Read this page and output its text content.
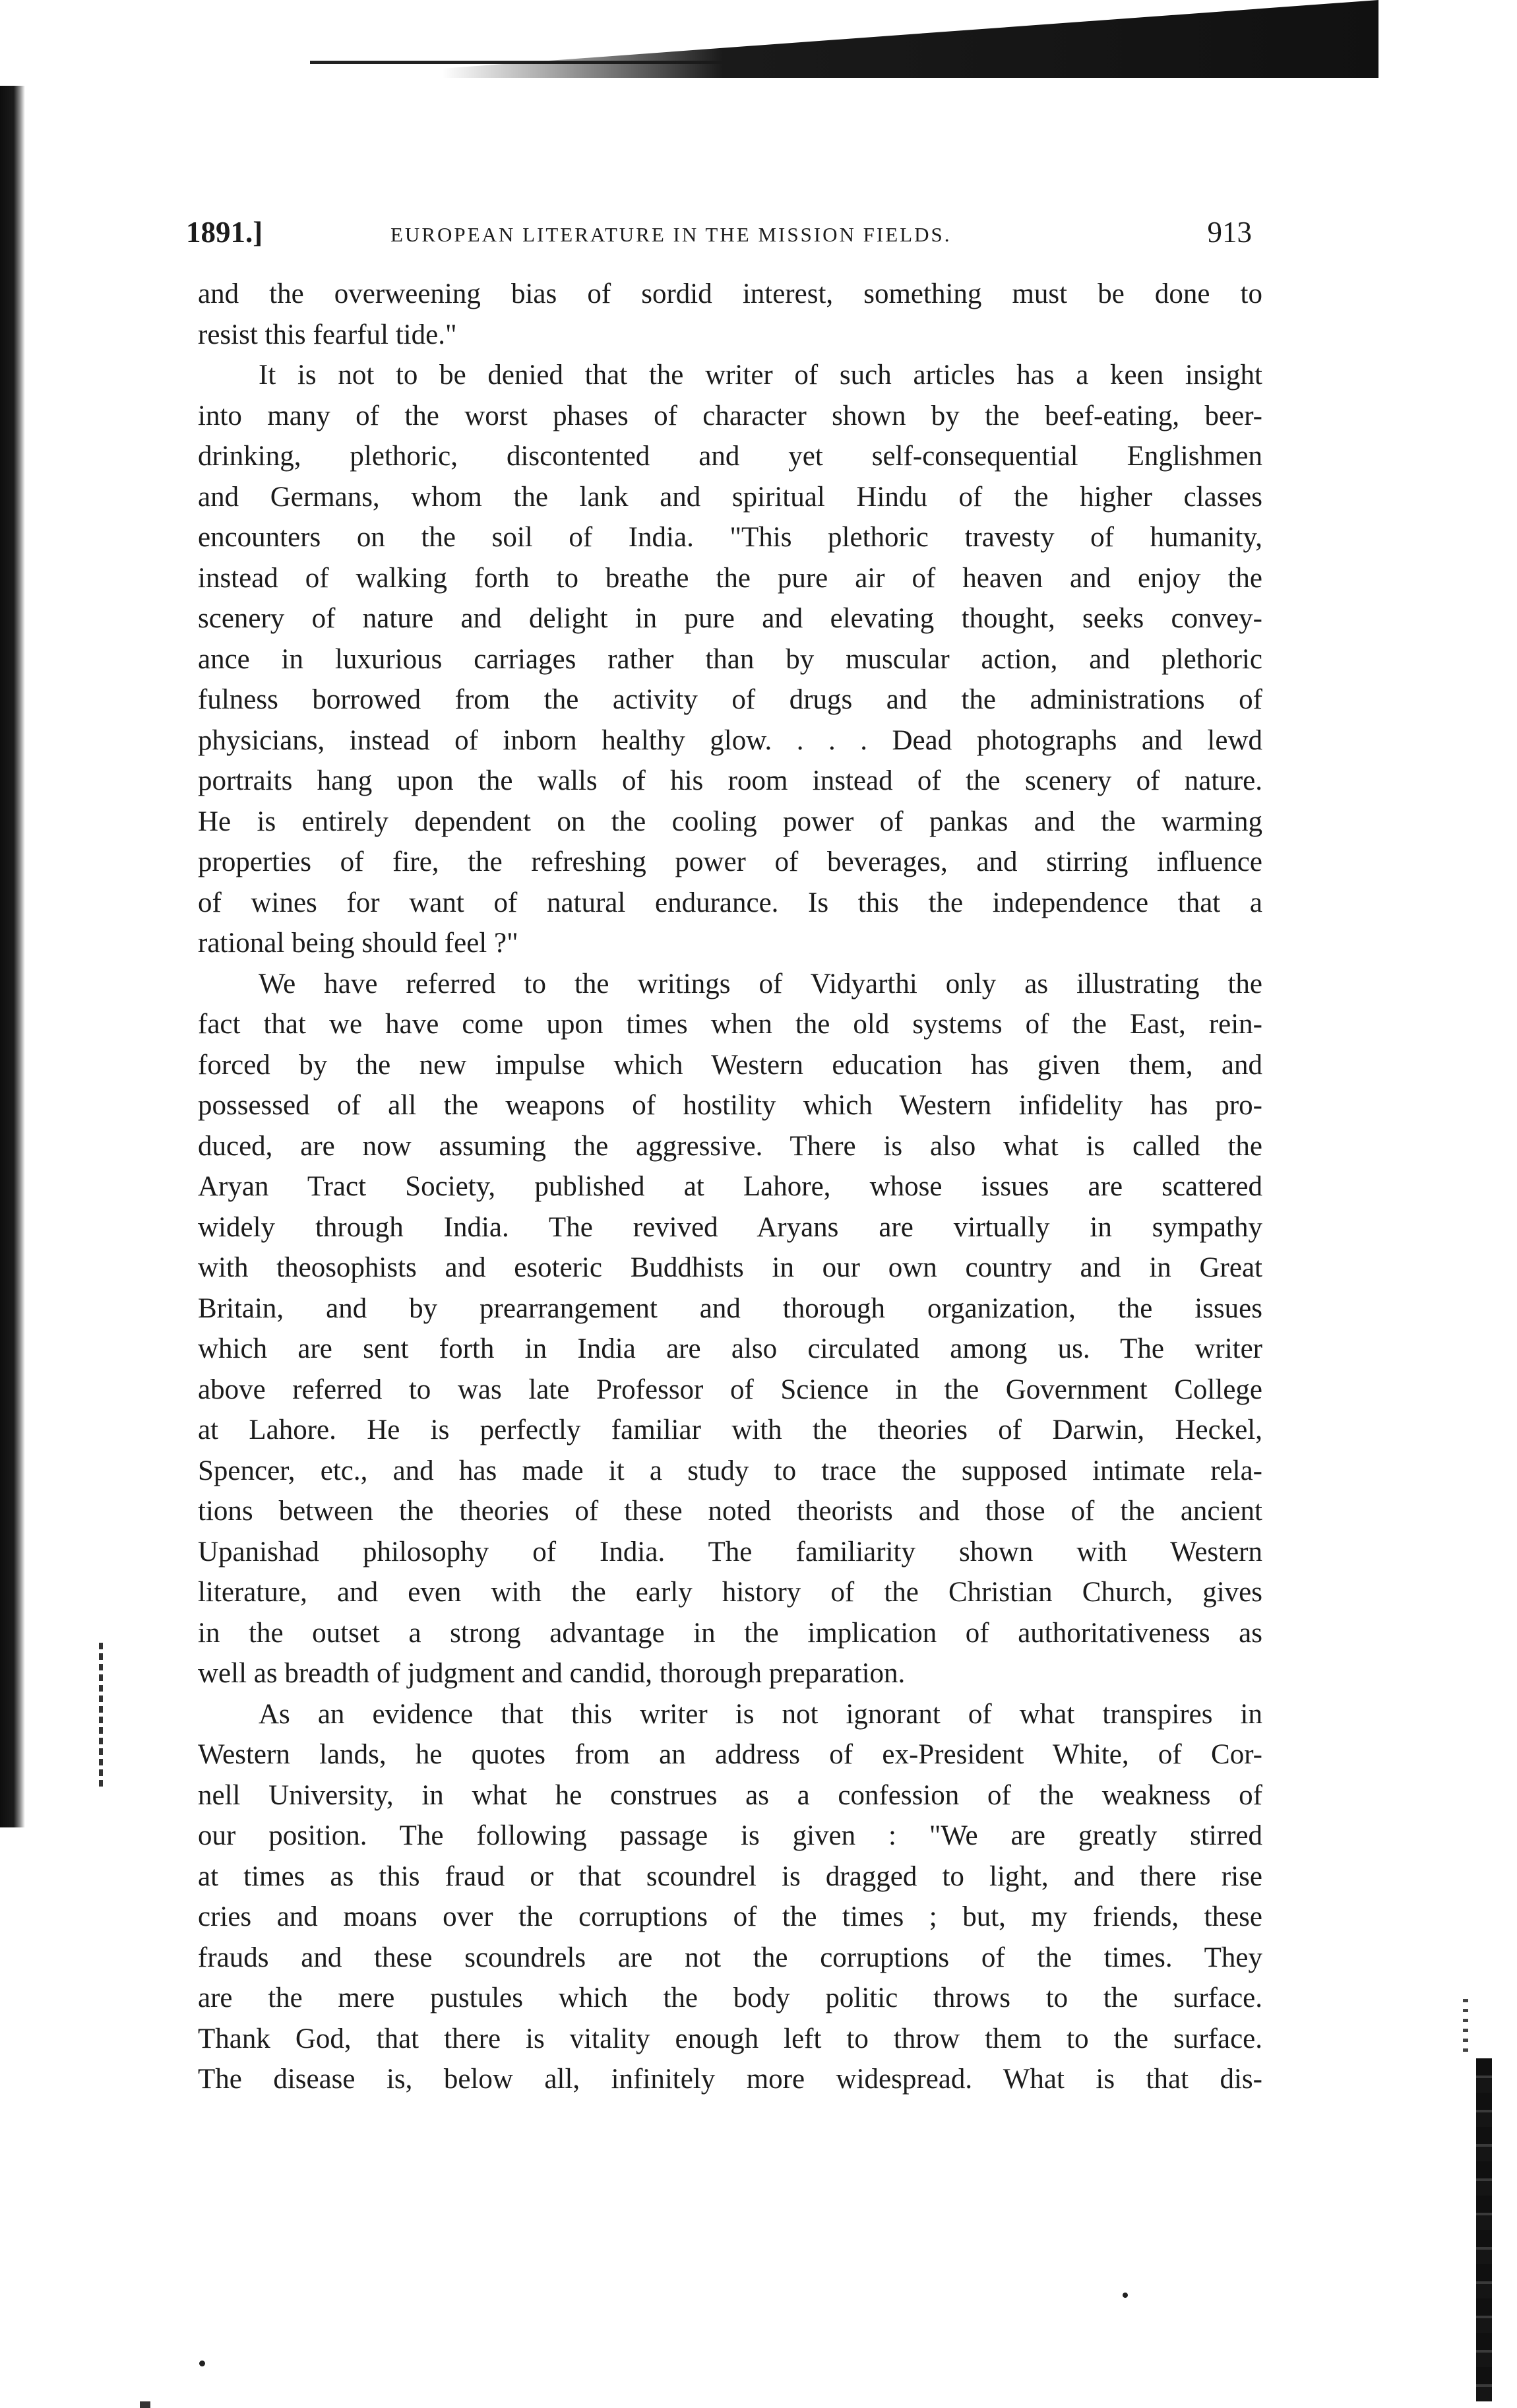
1891.]	EUROPEAN LITERATURE IN THE MISSION FIELDS.	913

and the overweening bias of sordid interest, something must be done to
resist this fearful tide."

It is not to be denied that the writer of such articles has a keen insight
into many of the worst phases of character shown by the beef-eating, beer-
drinking, plethoric, discontented and yet self-consequential Englishmen
and Germans, whom the lank and spiritual Hindu of the higher classes
encounters on the soil of India. "This plethoric travesty of humanity,
instead of walking forth to breathe the pure air of heaven and enjoy the
scenery of nature and delight in pure and elevating thought, seeks convey-
ance in luxurious carriages rather than by muscular action, and plethoric
fulness borrowed from the activity of drugs and the administrations of
physicians, instead of inborn healthy glow. . . . Dead photographs and lewd
portraits hang upon the walls of his room instead of the scenery of nature.
He is entirely dependent on the cooling power of pankas and the warming
properties of fire, the refreshing power of beverages, and stirring influence
of wines for want of natural endurance. Is this the independence that a
rational being should feel ?"

We have referred to the writings of Vidyarthi only as illustrating the
fact that we have come upon times when the old systems of the East, rein-
forced by the new impulse which Western education has given them, and
possessed of all the weapons of hostility which Western infidelity has pro-
duced, are now assuming the aggressive. There is also what is called the
Aryan Tract Society, published at Lahore, whose issues are scattered
widely through India. The revived Aryans are virtually in sympathy
with theosophists and esoteric Buddhists in our own country and in Great
Britain, and by prearrangement and thorough organization, the issues
which are sent forth in India are also circulated among us. The writer
above referred to was late Professor of Science in the Government College
at Lahore. He is perfectly familiar with the theories of Darwin, Heckel,
Spencer, etc., and has made it a study to trace the supposed intimate rela-
tions between the theories of these noted theorists and those of the ancient
Upanishad philosophy of India. The familiarity shown with Western
literature, and even with the early history of the Christian Church, gives
in the outset a strong advantage in the implication of authoritativeness as
well as breadth of judgment and candid, thorough preparation.

As an evidence that this writer is not ignorant of what transpires in
Western lands, he quotes from an address of ex-President White, of Cor-
nell University, in what he construes as a confession of the weakness of
our position. The following passage is given : "We are greatly stirred
at times as this fraud or that scoundrel is dragged to light, and there rise
cries and moans over the corruptions of the times ; but, my friends, these
frauds and these scoundrels are not the corruptions of the times. They
are the mere pustules which the body politic throws to the surface.
Thank God, that there is vitality enough left to throw them to the surface.
The disease is, below all, infinitely more widespread. What is that dis-
